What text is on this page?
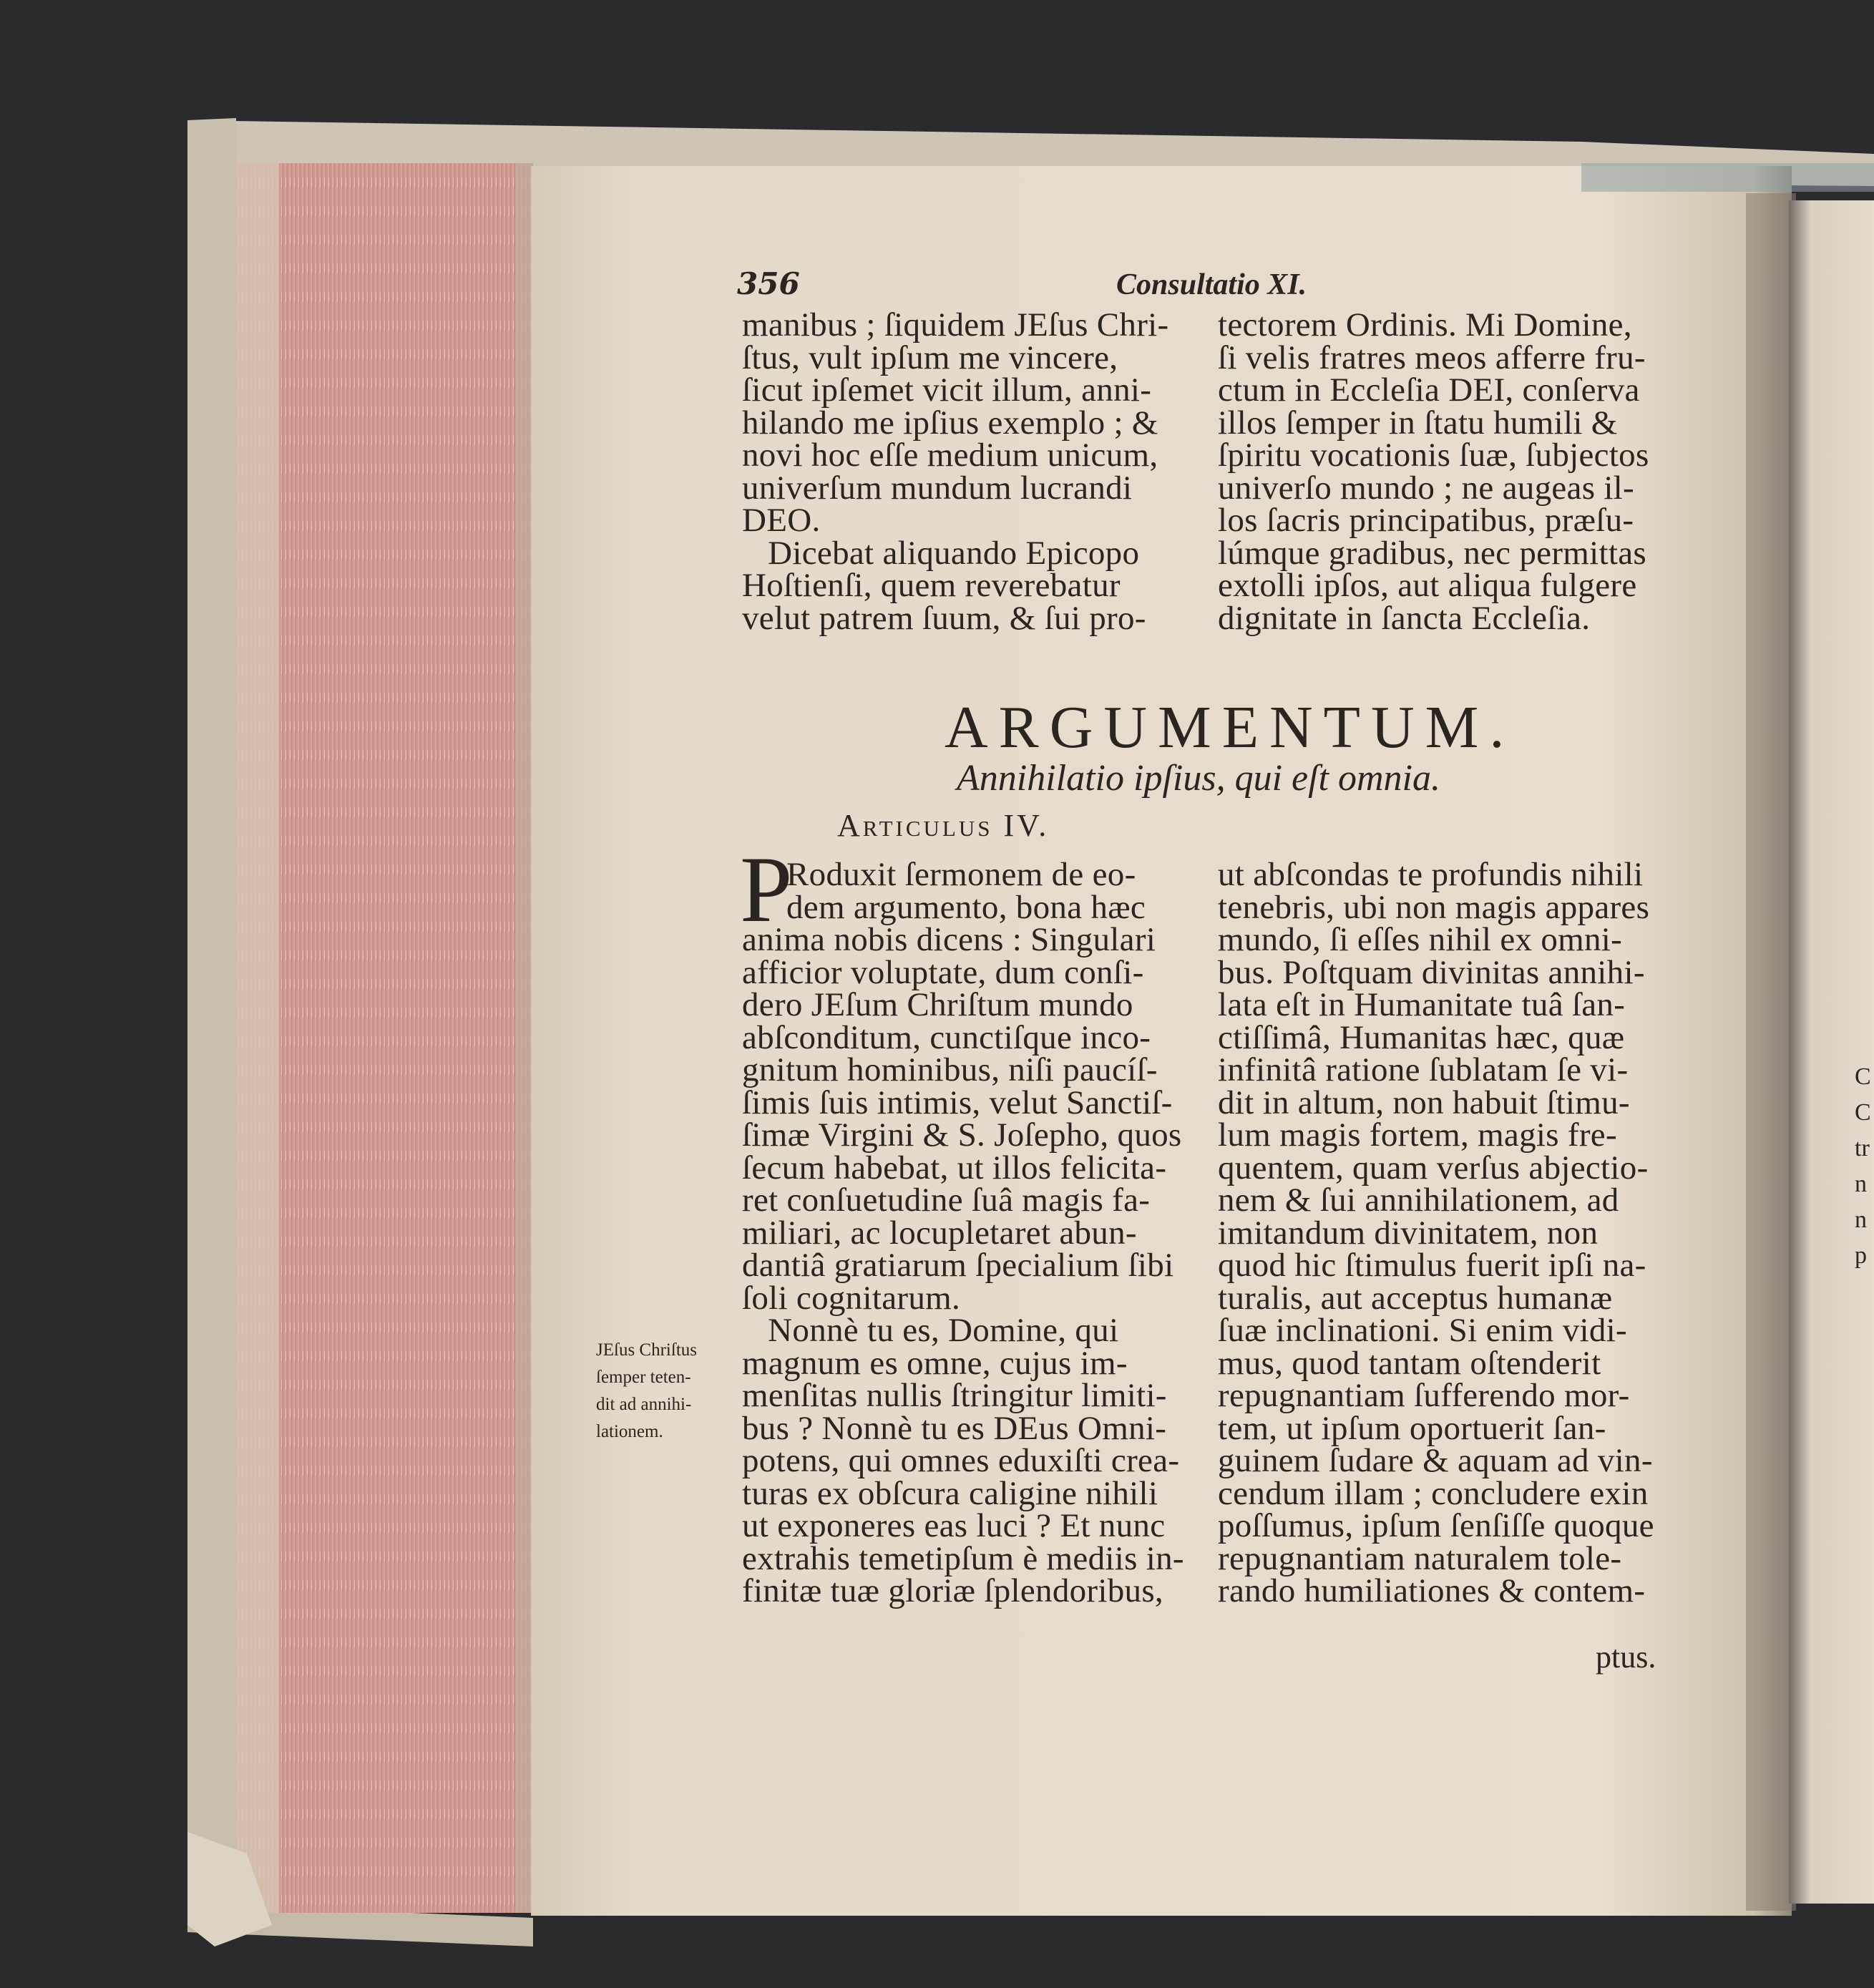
356	Consultatio XI.
manibus ; ſiquidem JEſus Chri-
ſtus, vult ipſum me vincere,
ſicut ipſemet vicit illum, anni-
hilando me ipſius exemplo ; &
novi hoc eſſe medium unicum,
univerſum mundum lucrandi
DEO.
Dicebat aliquando Epicopo
Hoſtienſi, quem reverebatur
velut patrem ſuum, & ſui pro-
tectorem Ordinis. Mi Domine,
ſi velis fratres meos afferre fru-
ctum in Eccleſia DEI, conſerva
illos ſemper in ſtatu humili &
ſpiritu vocationis ſuæ, ſubjectos
univerſo mundo ; ne augeas il-
los ſacris principatibus, præſu-
lúmque gradibus, nec permittas
extolli ipſos, aut aliqua fulgere
dignitate in ſancta Eccleſia.
ARGUMENTUM.
Annihilatio ipſius, qui eſt omnia.
Articulus IV.
P
Roduxit ſermonem de eo-
dem argumento, bona hæc
anima nobis dicens : Singulari
afficior voluptate, dum conſi-
dero JEſum Chriſtum mundo
abſconditum, cunctiſque inco-
gnitum hominibus, niſi paucíſ-
ſimis ſuis intimis, velut Sanctiſ-
ſimæ Virgini & S. Joſepho, quos
ſecum habebat, ut illos felicita-
ret conſuetudine ſuâ magis fa-
miliari, ac locupletaret abun-
dantiâ gratiarum ſpecialium ſibi
ſoli cognitarum.
Nonnè tu es, Domine, qui
magnum es omne, cujus im-
menſitas nullis ſtringitur limiti-
bus ? Nonnè tu es DEus Omni-
potens, qui omnes eduxiſti crea-
turas ex obſcura caligine nihili
ut exponeres eas luci ? Et nunc
extrahis temetipſum è mediis in-
finitæ tuæ gloriæ ſplendoribus,
ut abſcondas te profundis nihili
tenebris, ubi non magis appares
mundo, ſi eſſes nihil ex omni-
bus. Poſtquam divinitas annihi-
lata eſt in Humanitate tuâ ſan-
ctiſſimâ, Humanitas hæc, quæ
infinitâ ratione ſublatam ſe vi-
dit in altum, non habuit ſtimu-
lum magis fortem, magis fre-
quentem, quam verſus abjectio-
nem & ſui annihilationem, ad
imitandum divinitatem, non
quod hic ſtimulus fuerit ipſi na-
turalis, aut acceptus humanæ
ſuæ inclinationi. Si enim vidi-
mus, quod tantam oſtenderit
repugnantiam ſufferendo mor-
tem, ut ipſum oportuerit ſan-
guinem ſudare & aquam ad vin-
cendum illam ; concludere exin
poſſumus, ipſum ſenſiſſe quoque
repugnantiam naturalem tole-
rando humiliationes & contem-
JEſus Chriſtus
ſemper teten-
dit ad annihi-
lationem.
ptus.
C
C
tr
n
n
p
